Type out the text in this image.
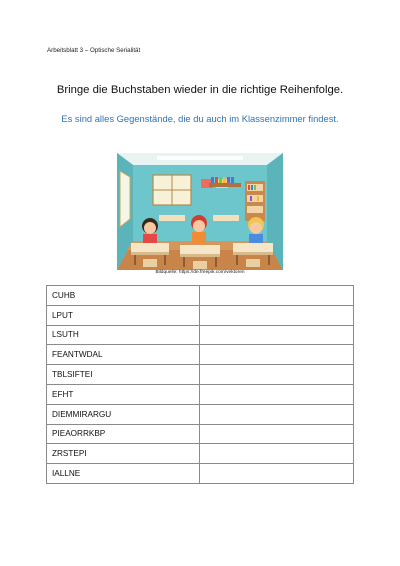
Arbeitsblatt 3 – Optische Serialität
Bringe die Buchstaben wieder in die richtige Reihenfolge.
Es sind alles Gegenstände, die du auch im Klassenzimmer findest.
Bildquelle: https://de.freepik.com/vektoren
CUHB	
LPUT	
LSUTH	
FEANTWDAL	
TBLSIFTEI	
EFHT	
DIEMMIRARGU	
PIEAORRKBP	
ZRSTEPI	
IALLNE	
